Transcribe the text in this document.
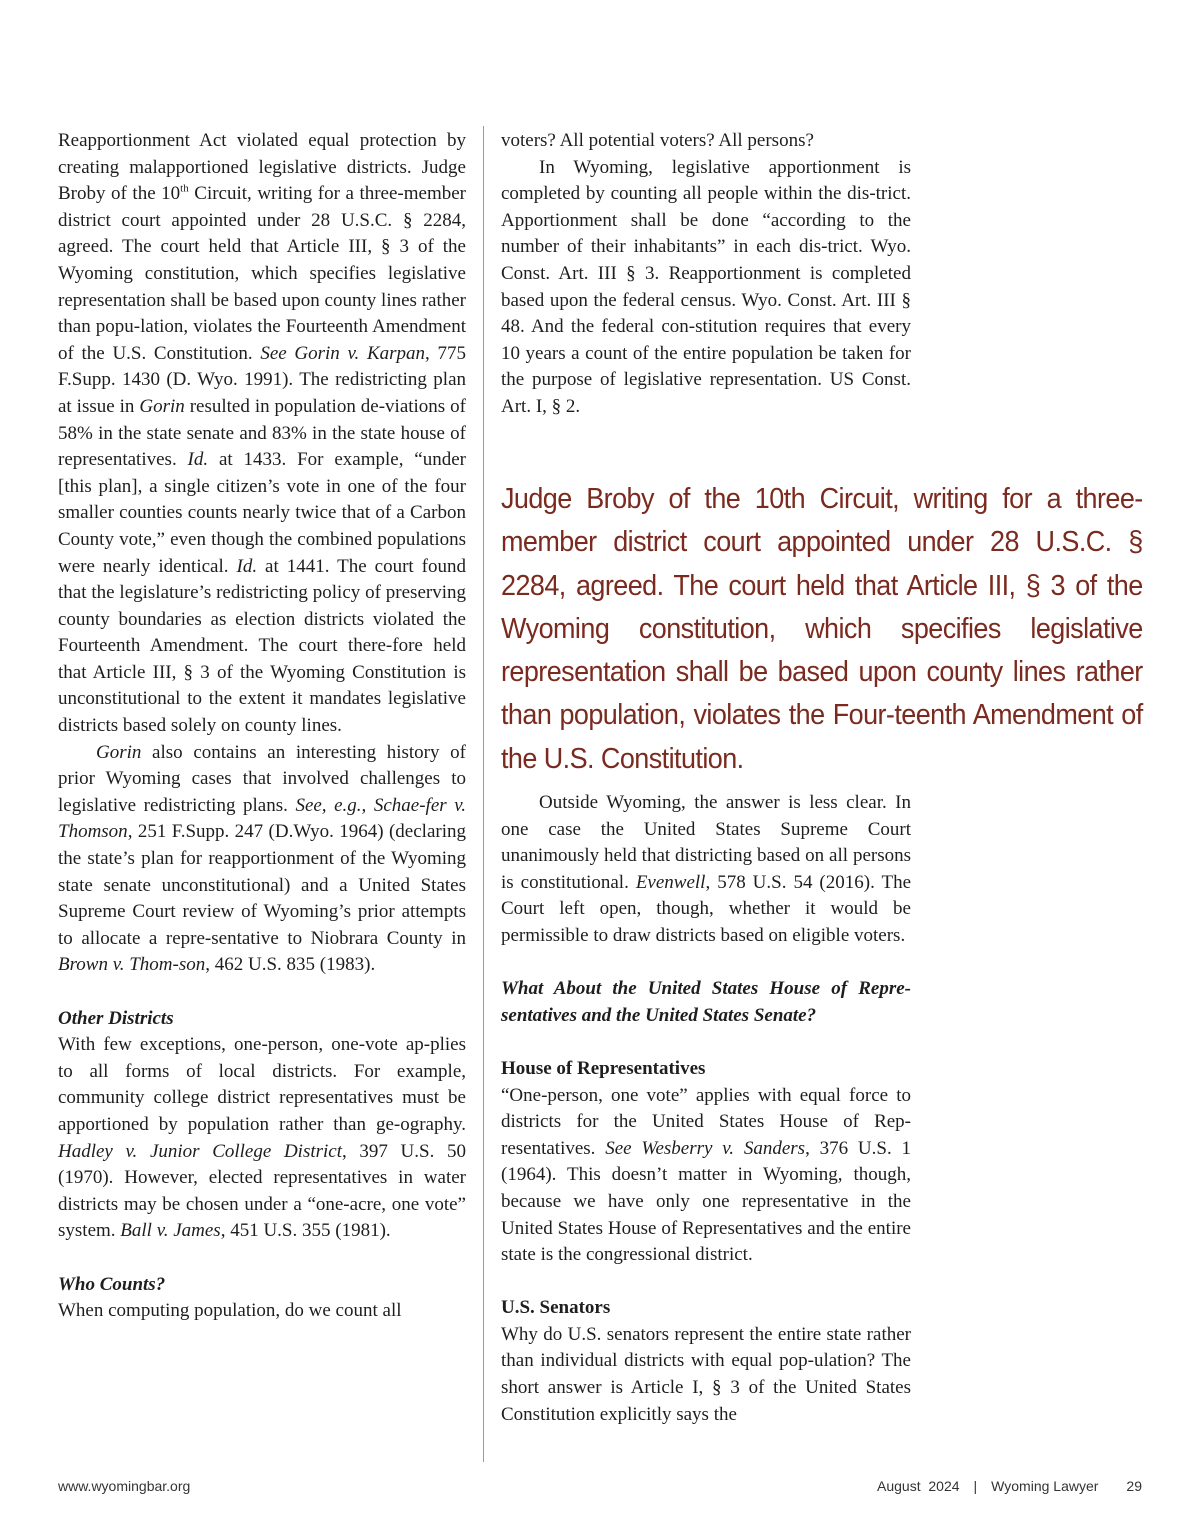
Reapportionment Act violated equal protection by creating malapportioned legislative districts. Judge Broby of the 10th Circuit, writing for a three-member district court appointed under 28 U.S.C. § 2284, agreed. The court held that Article III, § 3 of the Wyoming constitution, which specifies legislative representation shall be based upon county lines rather than popu-lation, violates the Fourteenth Amendment of the U.S. Constitution. See Gorin v. Karpan, 775 F.Supp. 1430 (D. Wyo. 1991). The redistricting plan at issue in Gorin resulted in population de-viations of 58% in the state senate and 83% in the state house of representatives. Id. at 1433. For example, “under [this plan], a single citizen’s vote in one of the four smaller counties counts nearly twice that of a Carbon County vote,” even though the combined populations were nearly identical. Id. at 1441. The court found that the legislature’s redistricting policy of preserving county boundaries as election districts violated the Fourteenth Amendment. The court there-fore held that Article III, § 3 of the Wyoming Constitution is unconstitutional to the extent it mandates legislative districts based solely on county lines.

Gorin also contains an interesting history of prior Wyoming cases that involved challenges to legislative redistricting plans. See, e.g., Schae-fer v. Thomson, 251 F.Supp. 247 (D.Wyo. 1964) (declaring the state’s plan for reapportionment of the Wyoming state senate unconstitutional) and a United States Supreme Court review of Wyoming’s prior attempts to allocate a repre-sentative to Niobrara County in Brown v. Thom-son, 462 U.S. 835 (1983).

Other Districts

With few exceptions, one-person, one-vote ap-plies to all forms of local districts. For example, community college district representatives must be apportioned by population rather than ge-ography. Hadley v. Junior College District, 397 U.S. 50 (1970). However, elected representatives in water districts may be chosen under a “one-acre, one vote” system. Ball v. James, 451 U.S. 355 (1981).

Who Counts?

When computing population, do we count all

voters? All potential voters? All persons?

In Wyoming, legislative apportionment is completed by counting all people within the dis-trict. Apportionment shall be done “according to the number of their inhabitants” in each dis-trict. Wyo. Const. Art. III § 3. Reapportionment is completed based upon the federal census. Wyo. Const. Art. III § 48. And the federal con-stitution requires that every 10 years a count of the entire population be taken for the purpose of legislative representation. US Const. Art. I, § 2.

Judge Broby of the 10th Circuit, writing for a three-member district court appointed under 28 U.S.C. § 2284, agreed. The court held that Article III, § 3 of the Wyoming constitution, which specifies legislative representation shall be based upon county lines rather than population, violates the Four-teenth Amendment of the U.S. Constitution.

Outside Wyoming, the answer is less clear. In one case the United States Supreme Court unanimously held that districting based on all persons is constitutional. Evenwell, 578 U.S. 54 (2016). The Court left open, though, whether it would be permissible to draw districts based on eligible voters.

What About the United States House of Repre-sentatives and the United States Senate?

House of Representatives

“One-person, one vote” applies with equal force to districts for the United States House of Rep-resentatives. See Wesberry v. Sanders, 376 U.S. 1 (1964). This doesn’t matter in Wyoming, though, because we have only one representative in the United States House of Representatives and the entire state is the congressional district.

U.S. Senators

Why do U.S. senators represent the entire state rather than individual districts with equal pop-ulation? The short answer is Article I, § 3 of the United States Constitution explicitly says the

www.wyomingbar.org	August  2024 | Wyoming Lawyer 29
